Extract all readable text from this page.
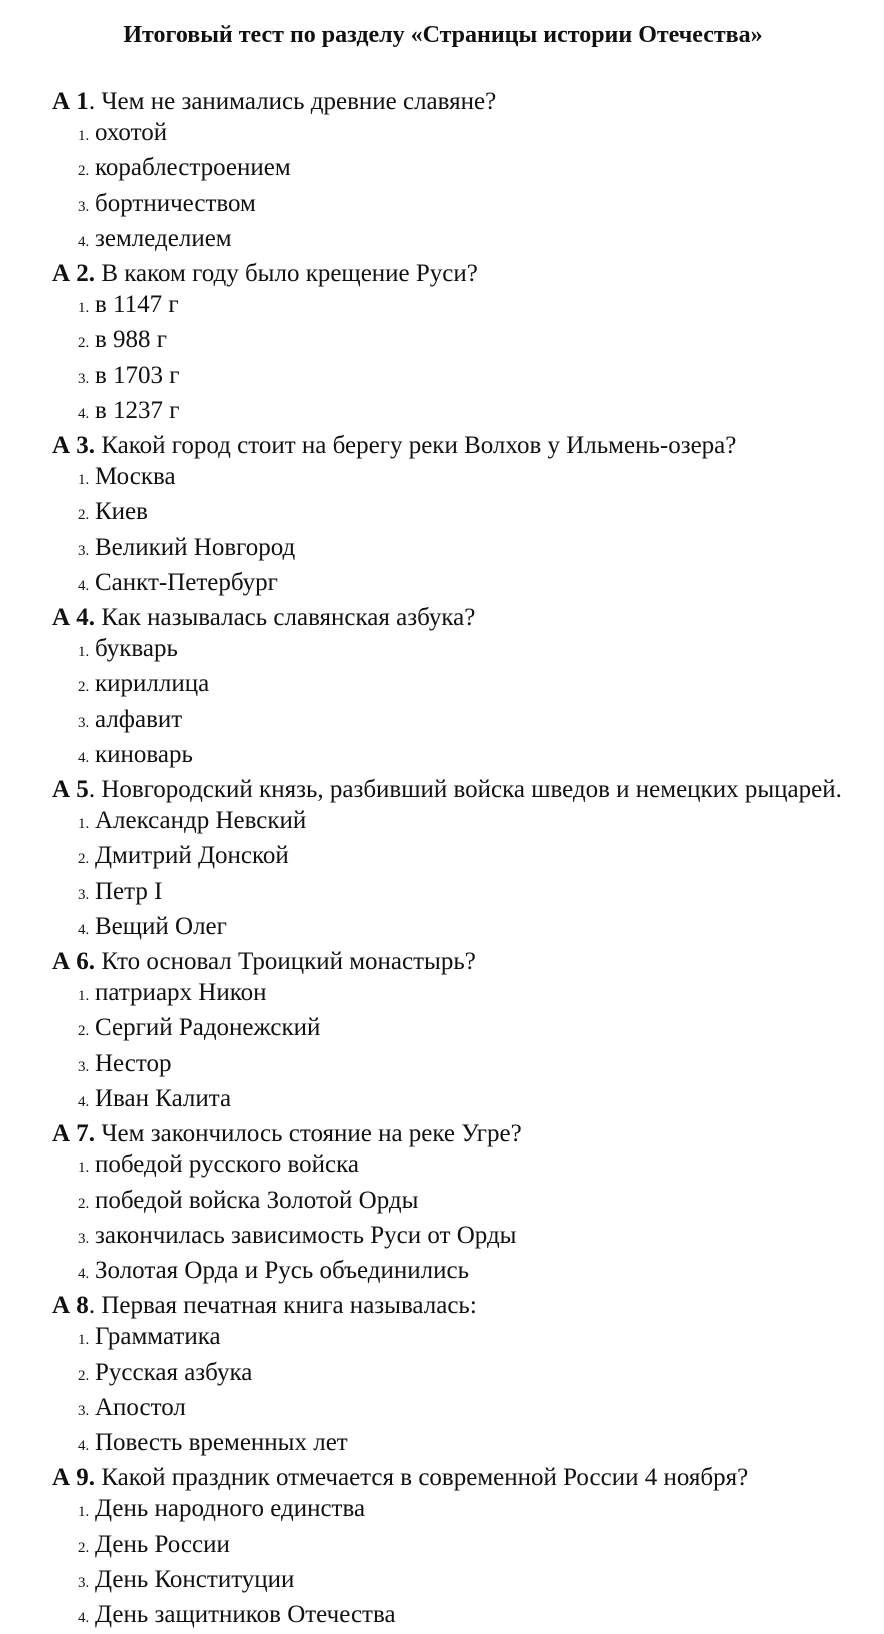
Итоговый тест по разделу «Страницы истории Отечества»

А 1. Чем не занимались древние славяне?

1. охотой
2. кораблестроением
3. бортничеством
4. земледелием

А 2. В каком году было крещение Руси?

1. в 1147 г
2. в 988 г
3. в 1703 г
4. в 1237 г

А 3. Какой город стоит на берегу реки Волхов у Ильмень-озера?

1. Москва
2. Киев
3. Великий Новгород
4. Санкт-Петербург

А 4. Как называлась славянская азбука?

1. букварь
2. кириллица
3. алфавит
4. киноварь

А 5. Новгородский князь, разбивший войска шведов и немецких рыцарей.

1. Александр Невский
2. Дмитрий Донской
3. Петр I
4. Вещий Олег

А 6. Кто основал Троицкий монастырь?

1. патриарх Никон
2. Сергий Радонежский
3. Нестор
4. Иван Калита

А 7. Чем закончилось стояние на реке Угре?

1. победой русского войска
2. победой войска Золотой Орды
3. закончилась зависимость Руси от Орды
4. Золотая Орда и Русь объединились

А 8. Первая печатная книга называлась:

1. Грамматика
2. Русская азбука
3. Апостол
4. Повесть временных лет

А 9. Какой праздник отмечается в современной России 4 ноября?

1. День народного единства
2. День России
3. День Конституции
4. День защитников Отечества
